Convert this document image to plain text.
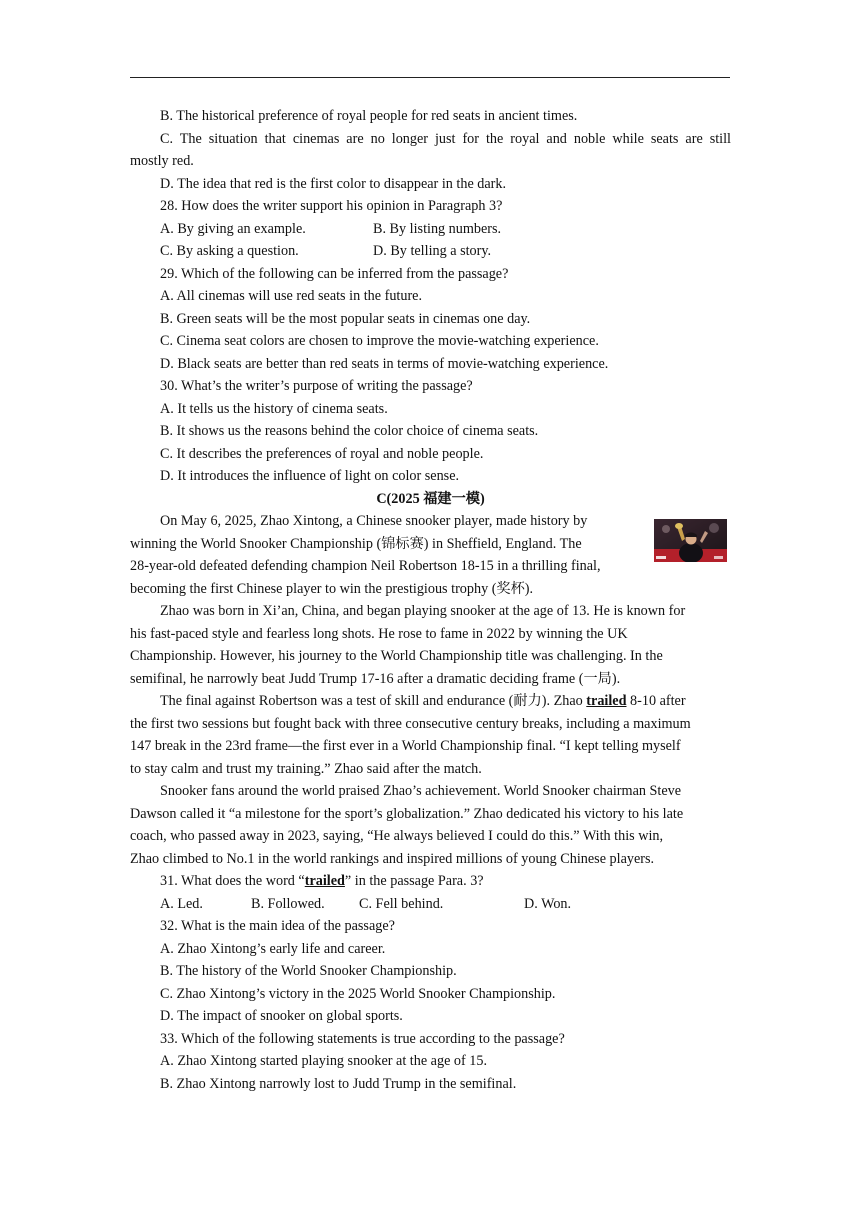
B. The historical preference of royal people for red seats in ancient times.
C. The situation that cinemas are no longer just for the royal and noble while seats are still
mostly red.
D. The idea that red is the first color to disappear in the dark.
28. How does the writer support his opinion in Paragraph 3?
A. By giving an example.	B. By listing numbers.
C. By asking a question.	D. By telling a story.
29. Which of the following can be inferred from the passage?
A. All cinemas will use red seats in the future.
B. Green seats will be the most popular seats in cinemas one day.
C. Cinema seat colors are chosen to improve the movie-watching experience.
D. Black seats are better than red seats in terms of movie-watching experience.
30. What’s the writer’s purpose of writing the passage?
A. It tells us the history of cinema seats.
B. It shows us the reasons behind the color choice of cinema seats.
C. It describes the preferences of royal and noble people.
D. It introduces the influence of light on color sense.
C(2025 福建一模)
On May 6, 2025, Zhao Xintong, a Chinese snooker player, made history by
winning the World Snooker Championship (锦标赛) in Sheffield, England. The
28-year-old defeated defending champion Neil Robertson 18-15 in a thrilling final,
becoming the first Chinese player to win the prestigious trophy (奖杯).
Zhao was born in Xi’an, China, and began playing snooker at the age of 13. He is known for
his fast-paced style and fearless long shots. He rose to fame in 2022 by winning the UK
Championship. However, his journey to the World Championship title was challenging. In the
semifinal, he narrowly beat Judd Trump 17-16 after a dramatic deciding frame (一局).
The final against Robertson was a test of skill and endurance (耐力). Zhao trailed 8-10 after
the first two sessions but fought back with three consecutive century breaks, including a maximum
147 break in the 23rd frame—the first ever in a World Championship final. “I kept telling myself
to stay calm and trust my training.” Zhao said after the match.
Snooker fans around the world praised Zhao’s achievement. World Snooker chairman Steve
Dawson called it “a milestone for the sport’s globalization.” Zhao dedicated his victory to his late
coach, who passed away in 2023, saying, “He always believed I could do this.” With this win,
Zhao climbed to No.1 in the world rankings and inspired millions of young Chinese players.
31. What does the word “trailed” in the passage Para. 3?
A. Led.	B. Followed. C. Fell behind.	D. Won.
32. What is the main idea of the passage?
A. Zhao Xintong’s early life and career.
B. The history of the World Snooker Championship.
C. Zhao Xintong’s victory in the 2025 World Snooker Championship.
D. The impact of snooker on global sports.
33. Which of the following statements is true according to the passage?
A. Zhao Xintong started playing snooker at the age of 15.
B. Zhao Xintong narrowly lost to Judd Trump in the semifinal.
